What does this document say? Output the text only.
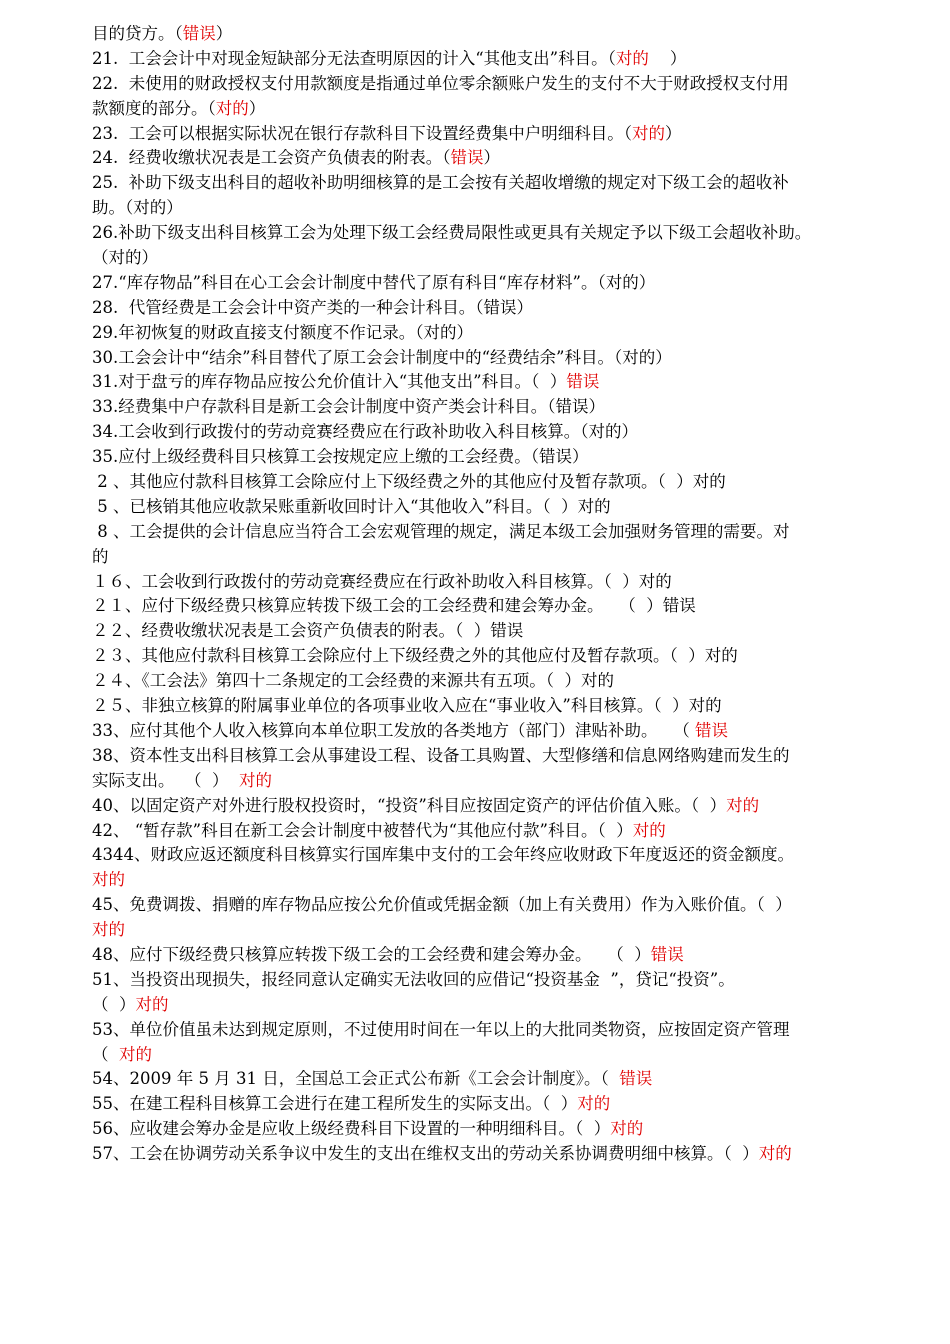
目的贷方。（错误）
21.  工会会计中对现金短缺部分无法查明原因的计入“其他支出”科目。（对的    ）
22.  未使用的财政授权支付用款额度是指通过单位零余额账户发生的支付不大于财政授权支付用
款额度的部分。（对的）
23.  工会可以根据实际状况在银行存款科目下设置经费集中户明细科目。（对的）
24.  经费收缴状况表是工会资产负债表的附表。（错误）
25.  补助下级支出科目的超收补助明细核算的是工会按有关超收增缴的规定对下级工会的超收补
助。（对的）
26.补助下级支出科目核算工会为处理下级工会经费局限性或更具有关规定予以下级工会超收补助。
（对的）
27.“库存物品”科目在心工会会计制度中替代了原有科目“库存材料”。（对的）
28.  代管经费是工会会计中资产类的一种会计科目。（错误）
29.年初恢复的财政直接支付额度不作记录。（对的）
30.工会会计中“结余”科目替代了原工会会计制度中的“经费结余”科目。（对的）
31.对于盘亏的库存物品应按公允价值计入“其他支出”科目。（  ）错误
33.经费集中户存款科目是新工会会计制度中资产类会计科目。（错误）
34.工会收到行政拨付的劳动竞赛经费应在行政补助收入科目核算。（对的）
35.应付上级经费科目只核算工会按规定应上缴的工会经费。（错误）
2 、其他应付款科目核算工会除应付上下级经费之外的其他应付及暂存款项。（  ）对的
5 、已核销其他应收款呆账重新收回时计入“其他收入”科目。（  ）对的
8 、工会提供的会计信息应当符合工会宏观管理的规定，满足本级工会加强财务管理的需要。对
的
１６、工会收到行政拨付的劳动竞赛经费应在行政补助收入科目核算。（  ）对的
２１、应付下级经费只核算应转拨下级工会的工会经费和建会筹办金。   （  ）错误
２２、经费收缴状况表是工会资产负债表的附表。（  ）错误
２３、其他应付款科目核算工会除应付上下级经费之外的其他应付及暂存款项。（  ）对的
２４、《工会法》第四十二条规定的工会经费的来源共有五项。（  ）对的
２５、非独立核算的附属事业单位的各项事业收入应在“事业收入”科目核算。（  ）对的
33、应付其他个人收入核算向本单位职工发放的各类地方（部门）津贴补助。   （ 错误
38、资本性支出科目核算工会从事建设工程、设备工具购置、大型修缮和信息网络购建而发生的
实际支出。  （  ）  对的
40、以固定资产对外进行股权投资时，“投资”科目应按固定资产的评估价值入账。（  ）对的
42、 “暂存款”科目在新工会会计制度中被替代为“其他应付款”科目。（  ）对的
4344、财政应返还额度科目核算实行国库集中支付的工会年终应收财政下年度返还的资金额度。
对的
45、免费调拨、捐赠的库存物品应按公允价值或凭据金额（加上有关费用）作为入账价值。（  ）
对的
48、应付下级经费只核算应转拨下级工会的工会经费和建会筹办金。   （  ）错误
51、当投资出现损失，报经同意认定确实无法收回的应借记“投资基金  ”，贷记“投资”。
（  ）对的
53、单位价值虽未达到规定原则，不过使用时间在一年以上的大批同类物资，应按固定资产管理
（  对的
54、2009 年 5 月 31 日，全国总工会正式公布新《工会会计制度》。（  错误
55、在建工程科目核算工会进行在建工程所发生的实际支出。（  ）对的
56、应收建会筹办金是应收上级经费科目下设置的一种明细科目。（  ）对的
57、工会在协调劳动关系争议中发生的支出在维权支出的劳动关系协调费明细中核算。（  ）对的
